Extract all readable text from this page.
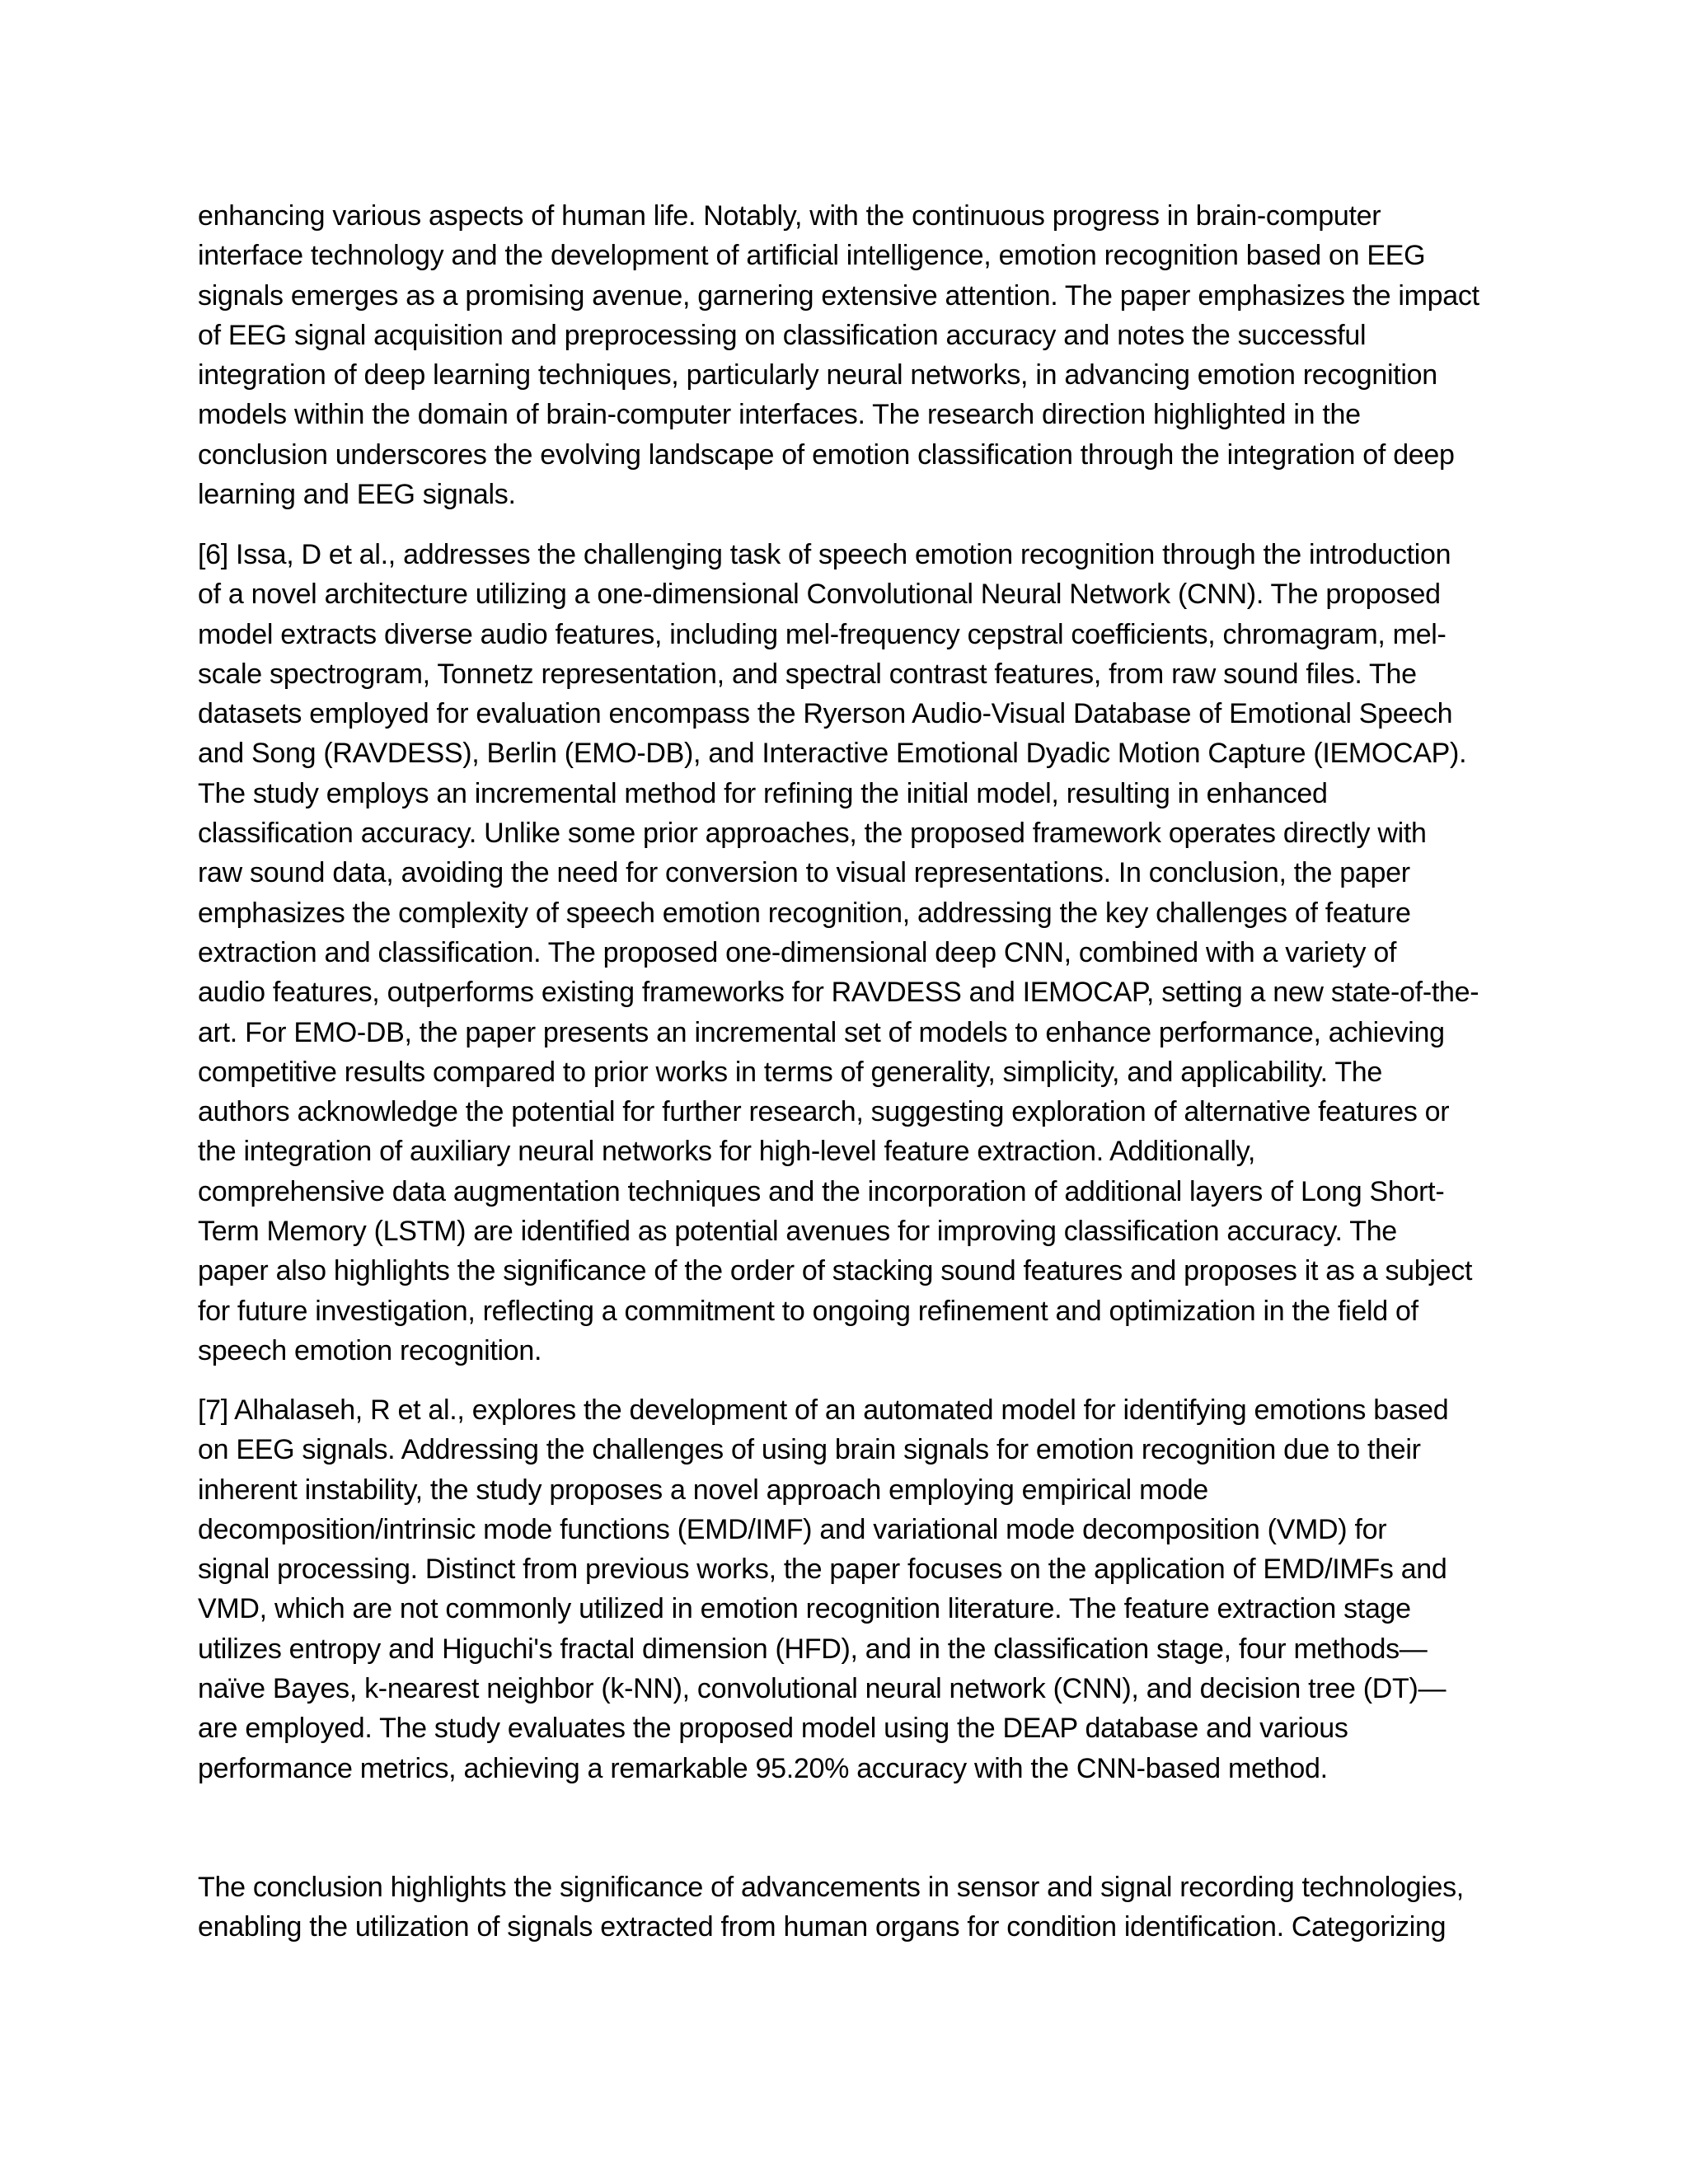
enhancing various aspects of human life. Notably, with the continuous progress in brain-computer
interface technology and the development of artificial intelligence, emotion recognition based on EEG
signals emerges as a promising avenue, garnering extensive attention. The paper emphasizes the impact
of EEG signal acquisition and preprocessing on classification accuracy and notes the successful
integration of deep learning techniques, particularly neural networks, in advancing emotion recognition
models within the domain of brain-computer interfaces. The research direction highlighted in the
conclusion underscores the evolving landscape of emotion classification through the integration of deep
learning and EEG signals.

[6] Issa, D et al., addresses the challenging task of speech emotion recognition through the introduction
of a novel architecture utilizing a one-dimensional Convolutional Neural Network (CNN). The proposed
model extracts diverse audio features, including mel-frequency cepstral coefficients, chromagram, mel-
scale spectrogram, Tonnetz representation, and spectral contrast features, from raw sound files. The
datasets employed for evaluation encompass the Ryerson Audio-Visual Database of Emotional Speech
and Song (RAVDESS), Berlin (EMO-DB), and Interactive Emotional Dyadic Motion Capture (IEMOCAP).
The study employs an incremental method for refining the initial model, resulting in enhanced
classification accuracy. Unlike some prior approaches, the proposed framework operates directly with
raw sound data, avoiding the need for conversion to visual representations. In conclusion, the paper
emphasizes the complexity of speech emotion recognition, addressing the key challenges of feature
extraction and classification. The proposed one-dimensional deep CNN, combined with a variety of
audio features, outperforms existing frameworks for RAVDESS and IEMOCAP, setting a new state-of-the-
art. For EMO-DB, the paper presents an incremental set of models to enhance performance, achieving
competitive results compared to prior works in terms of generality, simplicity, and applicability. The
authors acknowledge the potential for further research, suggesting exploration of alternative features or
the integration of auxiliary neural networks for high-level feature extraction. Additionally,
comprehensive data augmentation techniques and the incorporation of additional layers of Long Short-
Term Memory (LSTM) are identified as potential avenues for improving classification accuracy. The
paper also highlights the significance of the order of stacking sound features and proposes it as a subject
for future investigation, reflecting a commitment to ongoing refinement and optimization in the field of
speech emotion recognition.

[7] Alhalaseh, R et al., explores the development of an automated model for identifying emotions based
on EEG signals. Addressing the challenges of using brain signals for emotion recognition due to their
inherent instability, the study proposes a novel approach employing empirical mode
decomposition/intrinsic mode functions (EMD/IMF) and variational mode decomposition (VMD) for
signal processing. Distinct from previous works, the paper focuses on the application of EMD/IMFs and
VMD, which are not commonly utilized in emotion recognition literature. The feature extraction stage
utilizes entropy and Higuchi's fractal dimension (HFD), and in the classification stage, four methods—
naïve Bayes, k-nearest neighbor (k-NN), convolutional neural network (CNN), and decision tree (DT)—
are employed. The study evaluates the proposed model using the DEAP database and various
performance metrics, achieving a remarkable 95.20% accuracy with the CNN-based method.

The conclusion highlights the significance of advancements in sensor and signal recording technologies,
enabling the utilization of signals extracted from human organs for condition identification. Categorizing
